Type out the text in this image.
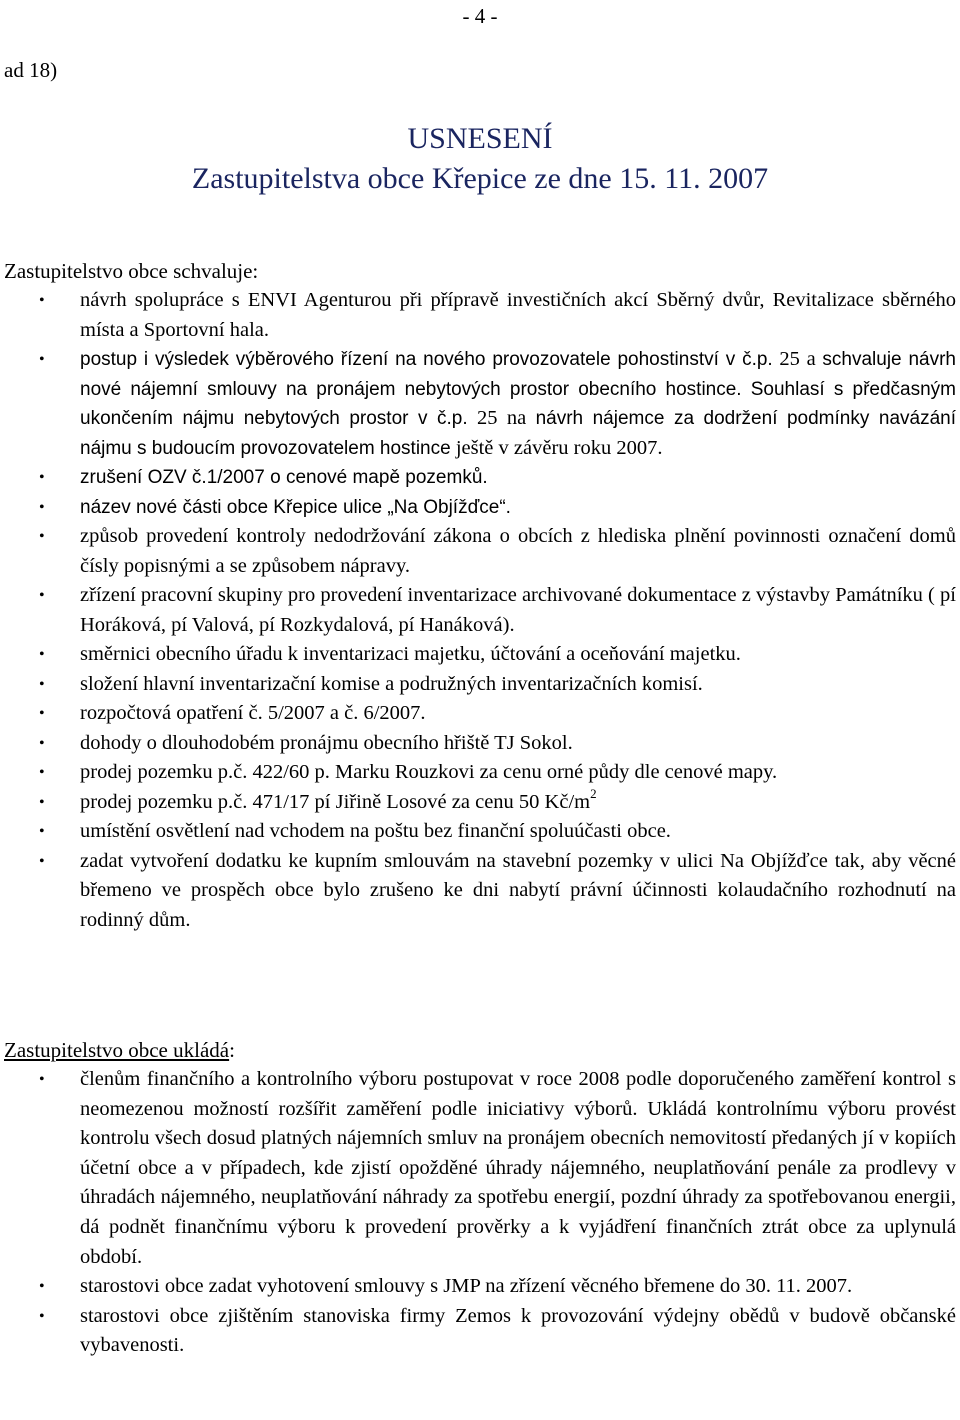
- 4 -
ad 18)
USNESENÍ
Zastupitelstva obce Křepice ze dne 15. 11. 2007
Zastupitelstvo obce schvaluje:
• návrh spolupráce s ENVI Agenturou při přípravě investičních akcí Sběrný dvůr, Revitalizace sběrného místa a Sportovní hala.
• postup i výsledek výběrového řízení na nového provozovatele pohostinství v č.p. 25 a schvaluje návrh nové nájemní smlouvy na pronájem nebytových prostor obecního hostince. Souhlasí s předčasným ukončením nájmu nebytových prostor v č.p. 25 na návrh nájemce za dodržení podmínky navázání nájmu s budoucím provozovatelem hostince ještě v závěru roku 2007.
• zrušení OZV č.1/2007 o cenové mapě pozemků.
• název nové části obce Křepice ulice „Na Objížďce“.
• způsob provedení kontroly nedodržování zákona o obcích z hlediska plnění povinnosti označení domů čísly popisnými a se způsobem nápravy.
• zřízení pracovní skupiny pro provedení inventarizace archivované dokumentace z výstavby Památníku ( pí Horáková, pí Valová, pí Rozkydalová, pí Hanáková).
• směrnici obecního úřadu k inventarizaci majetku, účtování a oceňování majetku.
• složení hlavní inventarizační komise a podružných inventarizačních komisí.
• rozpočtová opatření č. 5/2007 a č. 6/2007.
• dohody o dlouhodobém pronájmu obecního hřiště TJ Sokol.
• prodej pozemku p.č. 422/60 p. Marku Rouzkovi za cenu orné půdy dle cenové mapy.
• prodej pozemku p.č. 471/17 pí Jiřině Losové za cenu 50 $Kč/m^2$
• umístění osvětlení nad vchodem na poštu bez finanční spoluúčasti obce.
• zadat vytvoření dodatku ke kupním smlouvám na stavební pozemky v ulici Na Objížďce tak, aby věcné břemeno ve prospěch obce bylo zrušeno ke dni nabytí právní účinnosti kolaudačního rozhodnutí na rodinný dům.
Zastupitelstvo obce ukládá:
• členům finančního a kontrolního výboru postupovat v roce 2008 podle doporučeného zaměření kontrol s neomezenou možností rozšířit zaměření podle iniciativy výborů. Ukládá kontrolnímu výboru provést kontrolu všech dosud platných nájemních smluv na pronájem obecních nemovitostí předaných jí v kopiích účetní obce a v případech, kde zjistí opožděné úhrady nájemného, neuplatňování penále za prodlevy v úhradách nájemného, neuplatňování náhrady za spotřebu energií, pozdní úhrady za spotřebovanou energii, dá podnět finančnímu výboru k provedení prověrky a k vyjádření finančních ztrát obce za uplynulá období.
• starostovi obce zadat vyhotovení smlouvy s JMP na zřízení věcného břemene do 30. 11. 2007.
• starostovi obce zjištěním stanoviska firmy Zemos k provozování výdejny obědů v budově občanské vybavenosti.
